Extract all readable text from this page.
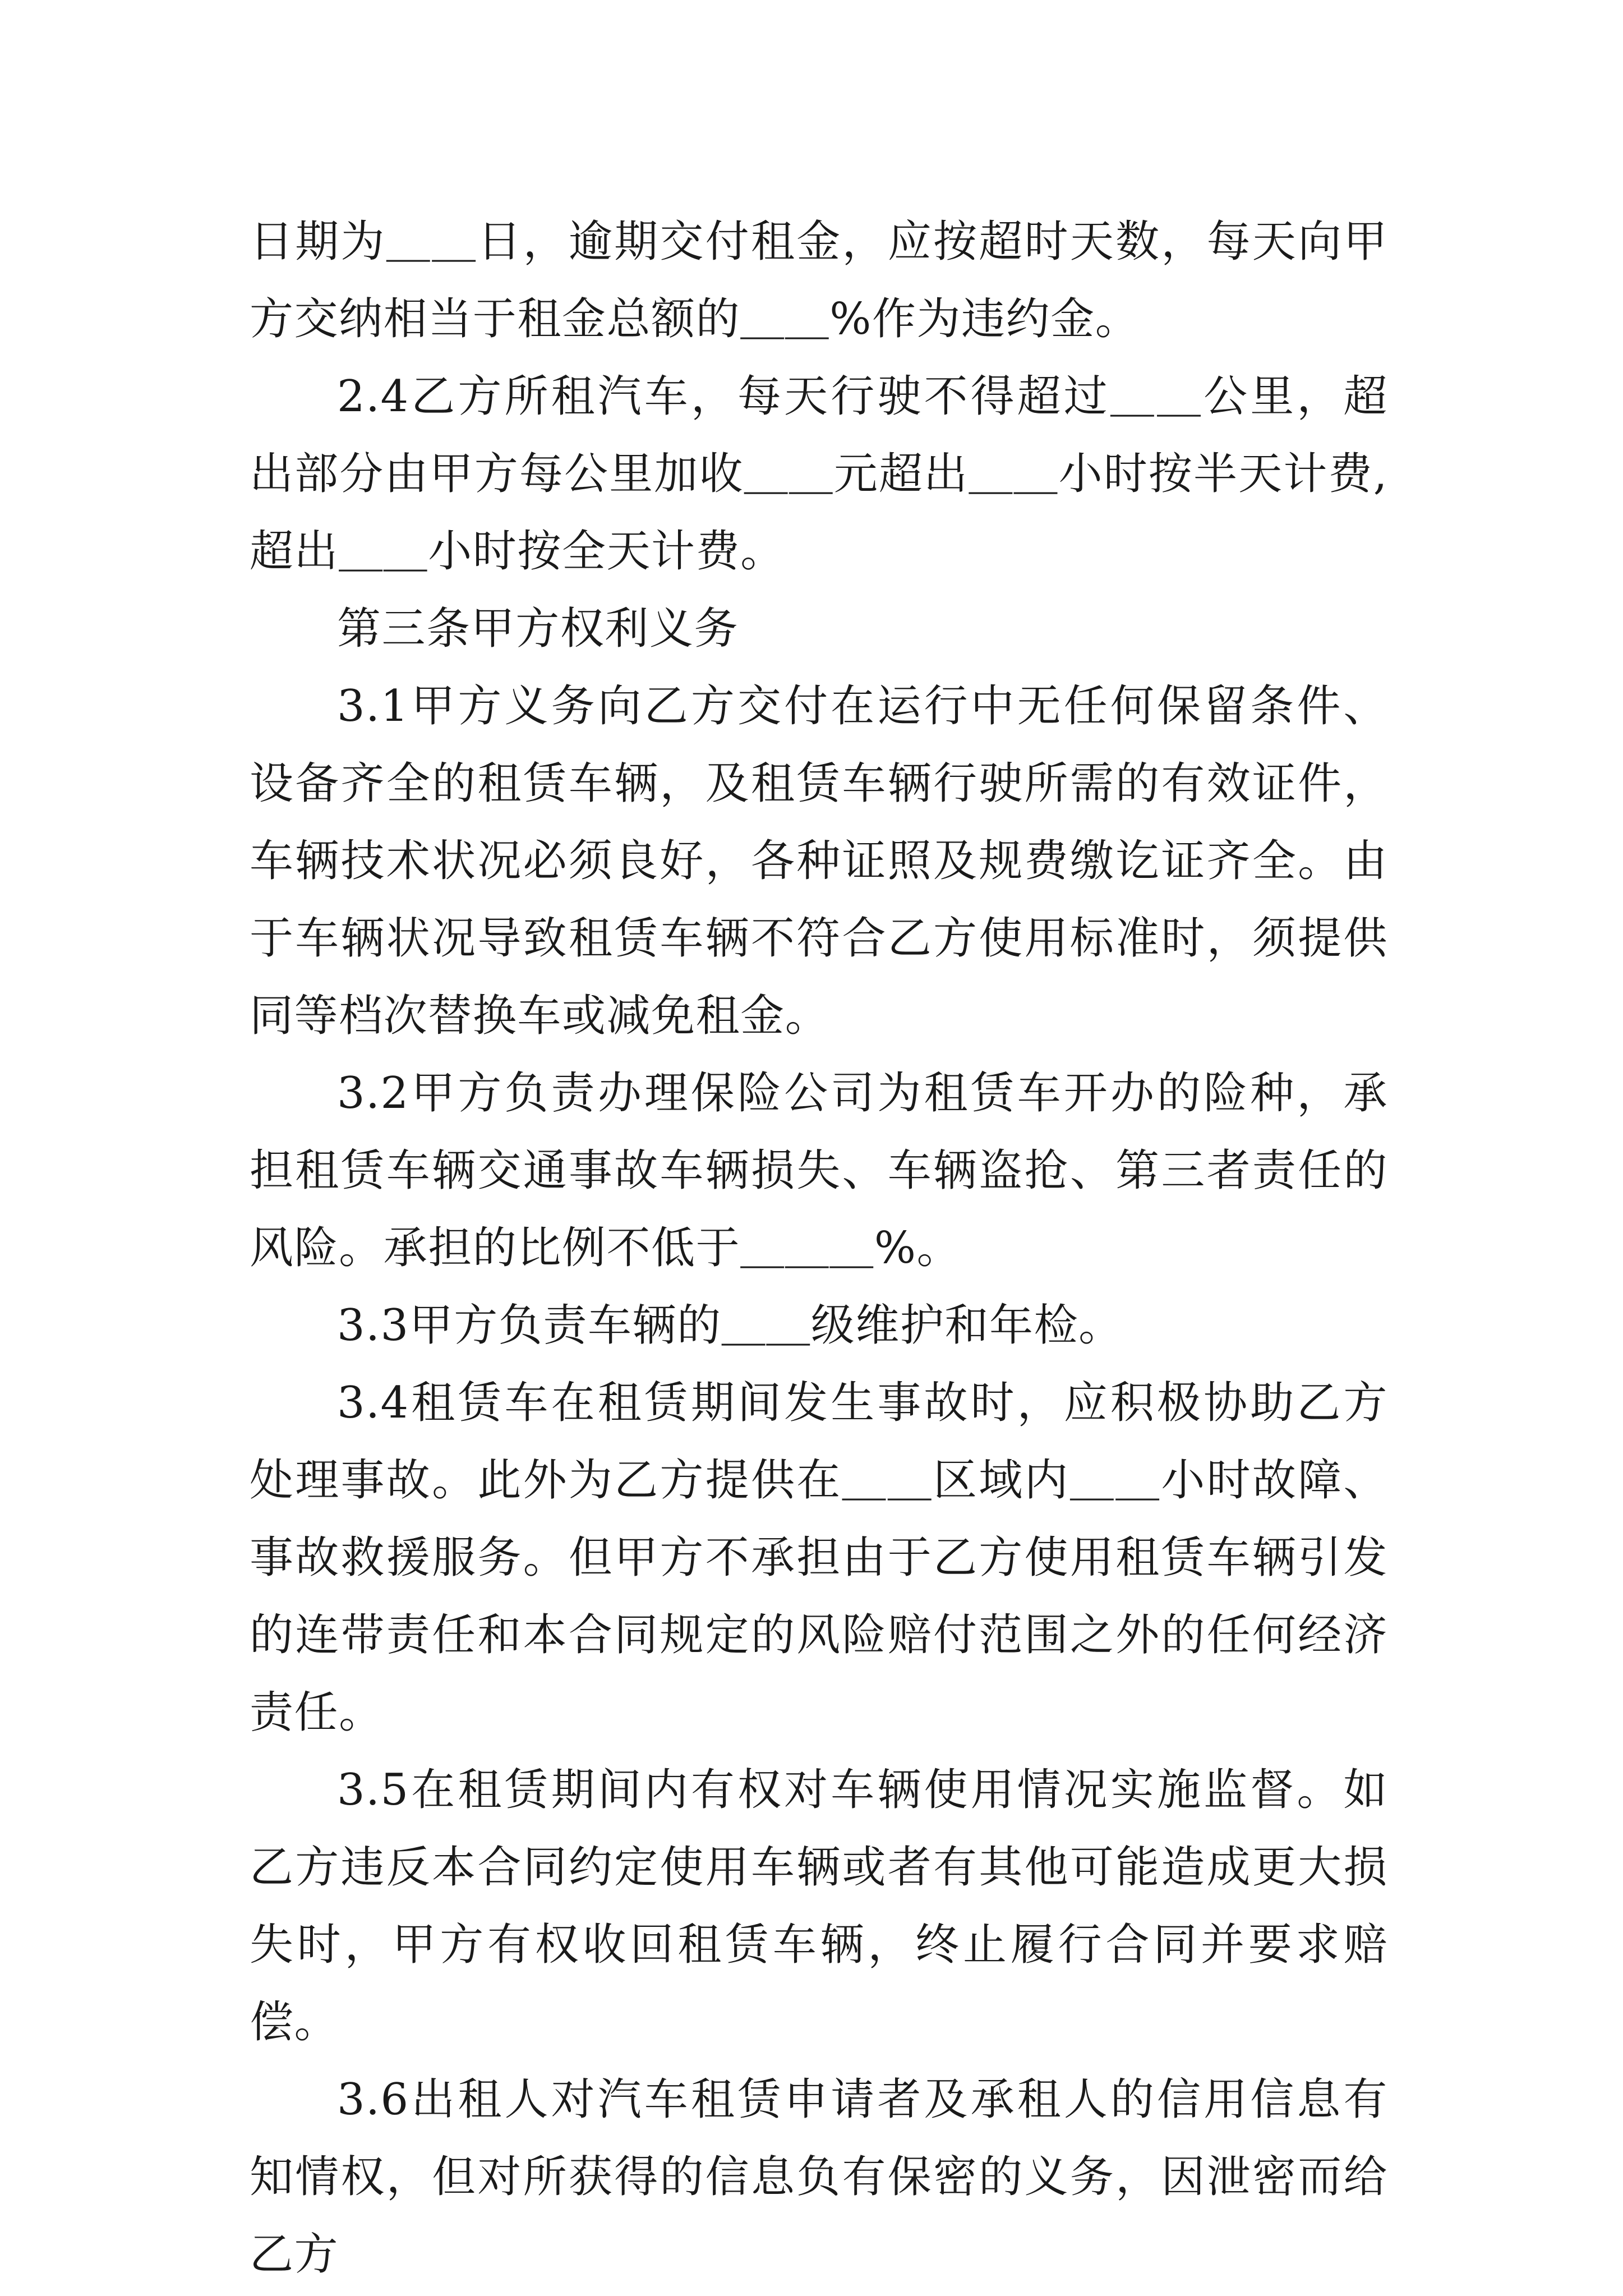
日期为＿＿日，逾期交付租金，应按超时天数，每天向甲方交纳相当于租金总额的＿＿%作为违约金。

2.4乙方所租汽车，每天行驶不得超过＿＿公里，超出部分由甲方每公里加收＿＿元超出＿＿小时按半天计费,超出＿＿小时按全天计费。

第三条甲方权利义务

3.1甲方义务向乙方交付在运行中无任何保留条件、设备齐全的租赁车辆，及租赁车辆行驶所需的有效证件，车辆技术状况必须良好，各种证照及规费缴讫证齐全。由于车辆状况导致租赁车辆不符合乙方使用标准时，须提供同等档次替换车或减免租金。

3.2甲方负责办理保险公司为租赁车开办的险种，承担租赁车辆交通事故车辆损失、车辆盗抢、第三者责任的风险。承担的比例不低于＿＿＿%。

3.3甲方负责车辆的＿＿级维护和年检。

3.4租赁车在租赁期间发生事故时，应积极协助乙方处理事故。此外为乙方提供在＿＿区域内＿＿小时故障、事故救援服务。但甲方不承担由于乙方使用租赁车辆引发的连带责任和本合同规定的风险赔付范围之外的任何经济责任。

3.5在租赁期间内有权对车辆使用情况实施监督。如乙方违反本合同约定使用车辆或者有其他可能造成更大损失时，甲方有权收回租赁车辆，终止履行合同并要求赔偿。

3.6出租人对汽车租赁申请者及承租人的信用信息有知情权，但对所获得的信息负有保密的义务，因泄密而给乙方
